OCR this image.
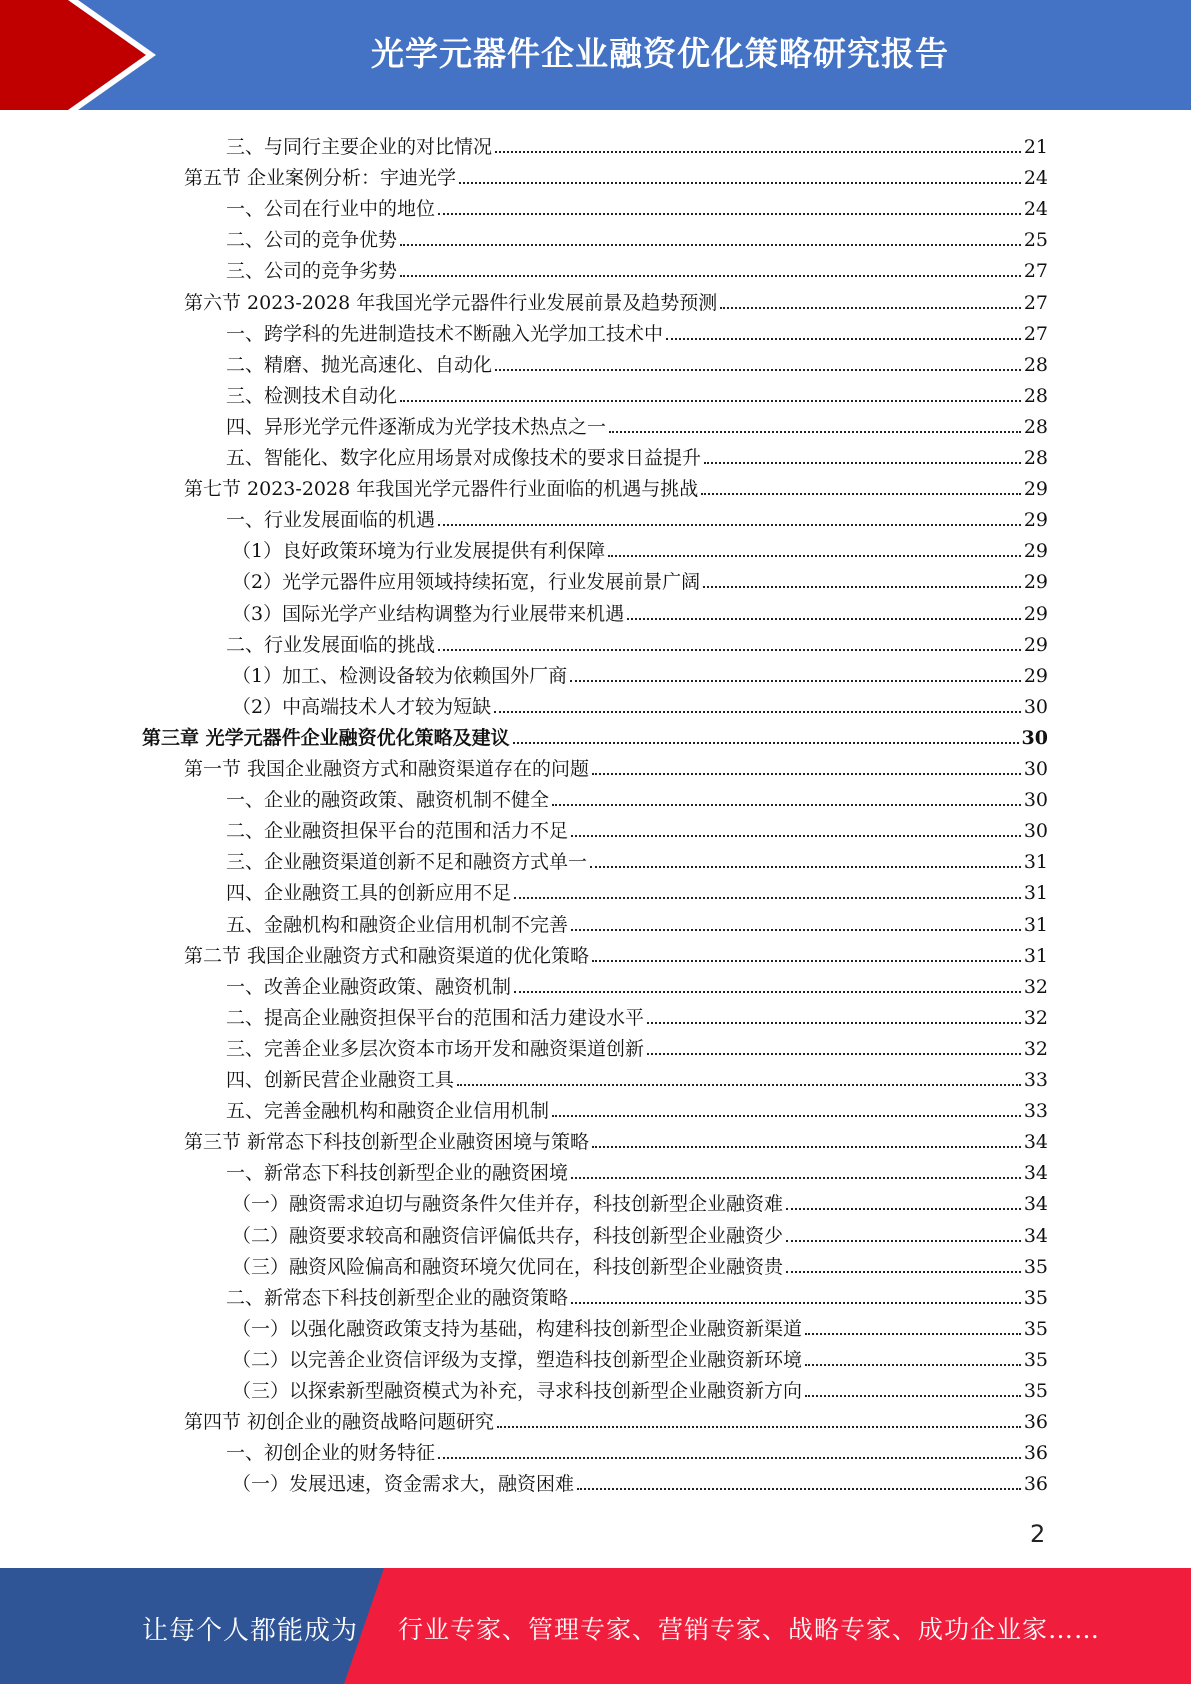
光学元器件企业融资优化策略研究报告
三、与同行主要企业的对比情况	21
第五节 企业案例分析：宇迪光学	24
一、公司在行业中的地位	24
二、公司的竞争优势	25
三、公司的竞争劣势	27
第六节 2023-2028 年我国光学元器件行业发展前景及趋势预测	27
一、跨学科的先进制造技术不断融入光学加工技术中	27
二、精磨、抛光高速化、自动化	28
三、检测技术自动化	28
四、异形光学元件逐渐成为光学技术热点之一	28
五、智能化、数字化应用场景对成像技术的要求日益提升	28
第七节 2023-2028 年我国光学元器件行业面临的机遇与挑战	29
一、行业发展面临的机遇	29
（1）良好政策环境为行业发展提供有利保障	29
（2）光学元器件应用领域持续拓宽，行业发展前景广阔	29
（3）国际光学产业结构调整为行业展带来机遇	29
二、行业发展面临的挑战	29
（1）加工、检测设备较为依赖国外厂商	29
（2）中高端技术人才较为短缺	30
第三章 光学元器件企业融资优化策略及建议	30
第一节 我国企业融资方式和融资渠道存在的问题	30
一、企业的融资政策、融资机制不健全	30
二、企业融资担保平台的范围和活力不足	30
三、企业融资渠道创新不足和融资方式单一	31
四、企业融资工具的创新应用不足	31
五、金融机构和融资企业信用机制不完善	31
第二节 我国企业融资方式和融资渠道的优化策略	31
一、改善企业融资政策、融资机制	32
二、提高企业融资担保平台的范围和活力建设水平	32
三、完善企业多层次资本市场开发和融资渠道创新	32
四、创新民营企业融资工具	33
五、完善金融机构和融资企业信用机制	33
第三节 新常态下科技创新型企业融资困境与策略	34
一、新常态下科技创新型企业的融资困境	34
（一）融资需求迫切与融资条件欠佳并存，科技创新型企业融资难	34
（二）融资要求较高和融资信评偏低共存，科技创新型企业融资少	34
（三）融资风险偏高和融资环境欠优同在，科技创新型企业融资贵	35
二、新常态下科技创新型企业的融资策略	35
（一）以强化融资政策支持为基础，构建科技创新型企业融资新渠道	35
（二）以完善企业资信评级为支撑，塑造科技创新型企业融资新环境	35
（三）以探索新型融资模式为补充，寻求科技创新型企业融资新方向	35
第四节 初创企业的融资战略问题研究	36
一、初创企业的财务特征	36
（一）发展迅速，资金需求大，融资困难	36
2
让每个人都能成为 行业专家、管理专家、营销专家、战略专家、成功企业家……
